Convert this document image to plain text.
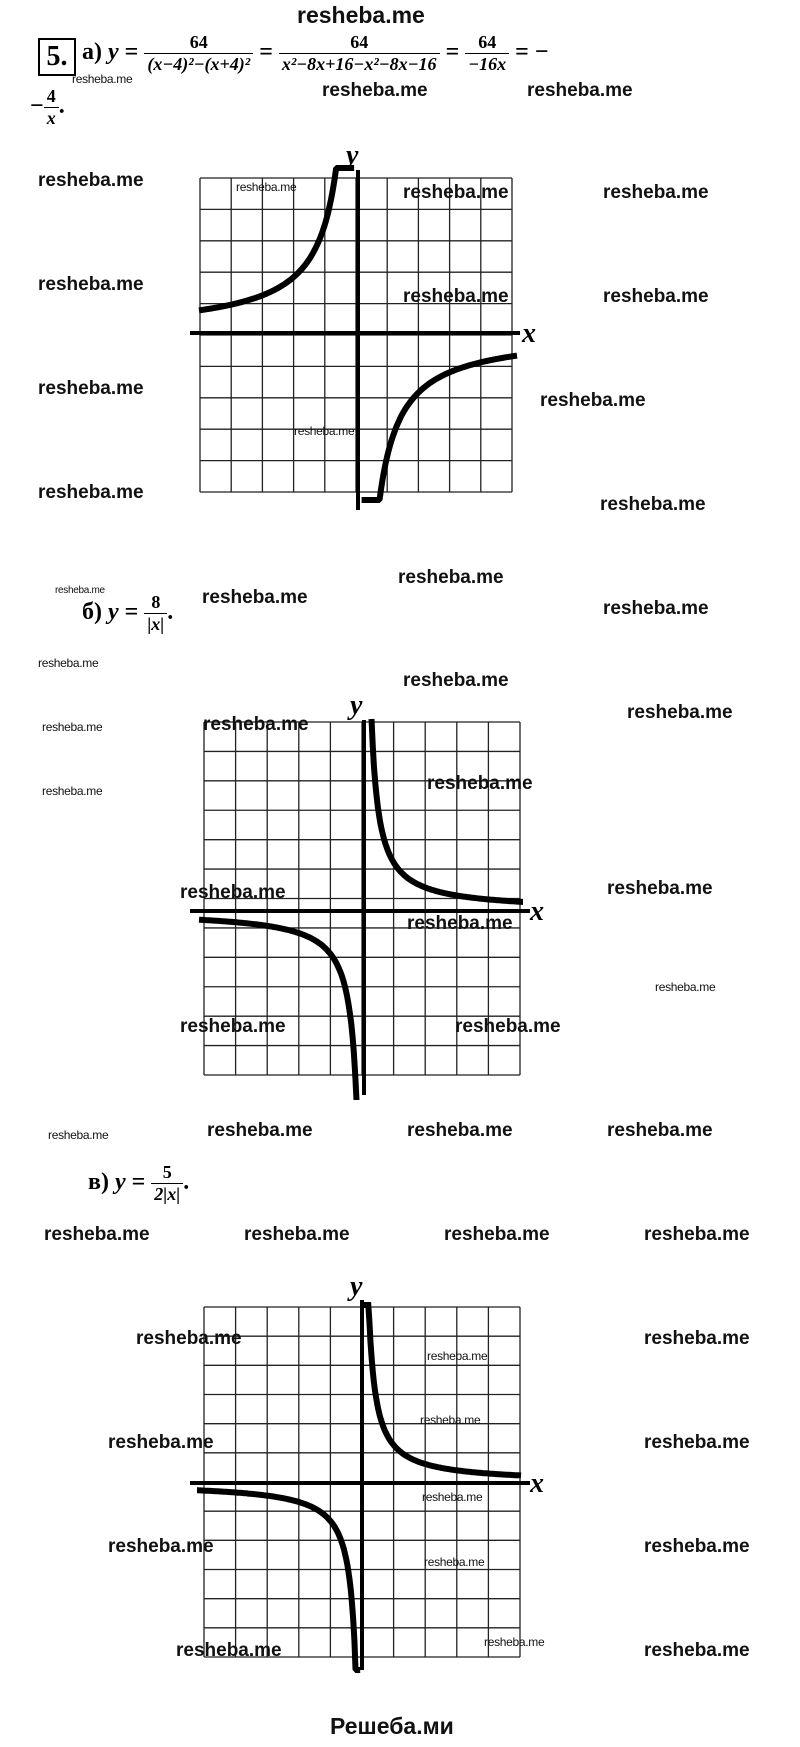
resheba.me
5. а) $y = \frac{64}{\text{(x−4)²−(x+4)²}} = \frac{64}{\text{x²−8x+16−x²−8x−16}} = \frac{64}{-16x}$ = −
− $\frac{4}{x}$ .
y
x
б) $y = \frac{8}{|x|}$ .
y
x
в) $y = \frac{5}{2|x|}$ .
y
x
resheba.me	resheba.me
resheba.me
resheba.me
resheba.me
resheba.me
resheba.me
resheba.me
resheba.me
resheba.me
resheba.me
resheba.me
resheba.me
resheba.me
resheba.me
resheba.me
resheba.me	resheba.me
resheba.me
resheba.me
resheba.me
resheba.me
resheba.me	resheba.me
resheba.me	resheba.me
resheba.me	resheba.me
resheba.me
resheba.me
resheba.me	resheba.me
resheba.me	resheba.me	resheba.me	resheba.me
resheba.me	resheba.me	resheba.me	resheba.me
resheba.me	resheba.me
resheba.me	resheba.me
resheba.me	resheba.me
resheba.me	resheba.me
resheba.me
resheba.me
resheba.me
resheba.me
resheba.me
Решеба.ми
